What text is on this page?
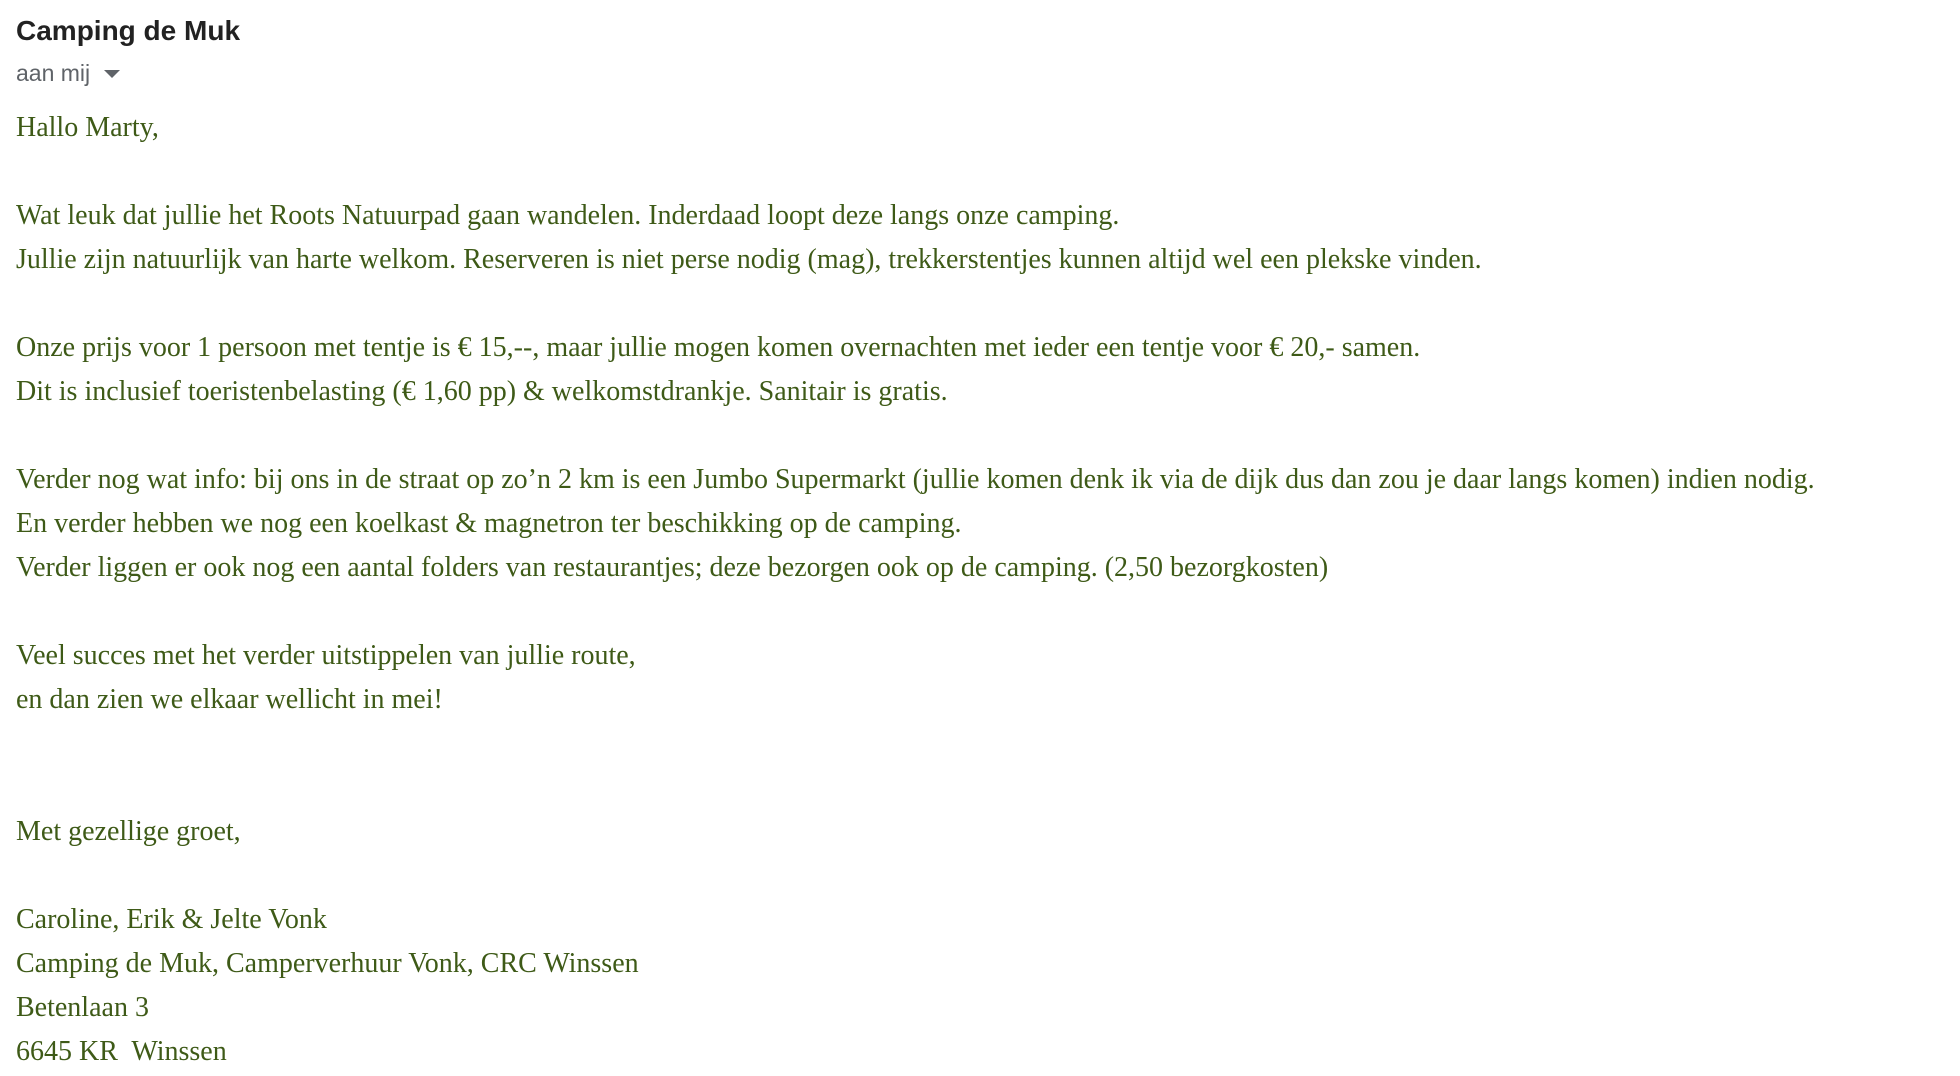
Camping de Muk
aan mij
Hallo Marty,
Wat leuk dat jullie het Roots Natuurpad gaan wandelen. Inderdaad loopt deze langs onze camping.
Jullie zijn natuurlijk van harte welkom. Reserveren is niet perse nodig (mag), trekkerstentjes kunnen altijd wel een plekske vinden.
Onze prijs voor 1 persoon met tentje is € 15,--, maar jullie mogen komen overnachten met ieder een tentje voor € 20,- samen.
Dit is inclusief toeristenbelasting (€ 1,60 pp) & welkomstdrankje. Sanitair is gratis.
Verder nog wat info: bij ons in de straat op zo’n 2 km is een Jumbo Supermarkt (jullie komen denk ik via de dijk dus dan zou je daar langs komen) indien nodig.
En verder hebben we nog een koelkast & magnetron ter beschikking op de camping.
Verder liggen er ook nog een aantal folders van restaurantjes; deze bezorgen ook op de camping. (2,50 bezorgkosten)
Veel succes met het verder uitstippelen van jullie route,
en dan zien we elkaar wellicht in mei!
Met gezellige groet,
Caroline, Erik & Jelte Vonk
Camping de Muk, Camperverhuur Vonk, CRC Winssen
Betenlaan 3
6645 KR  Winssen
